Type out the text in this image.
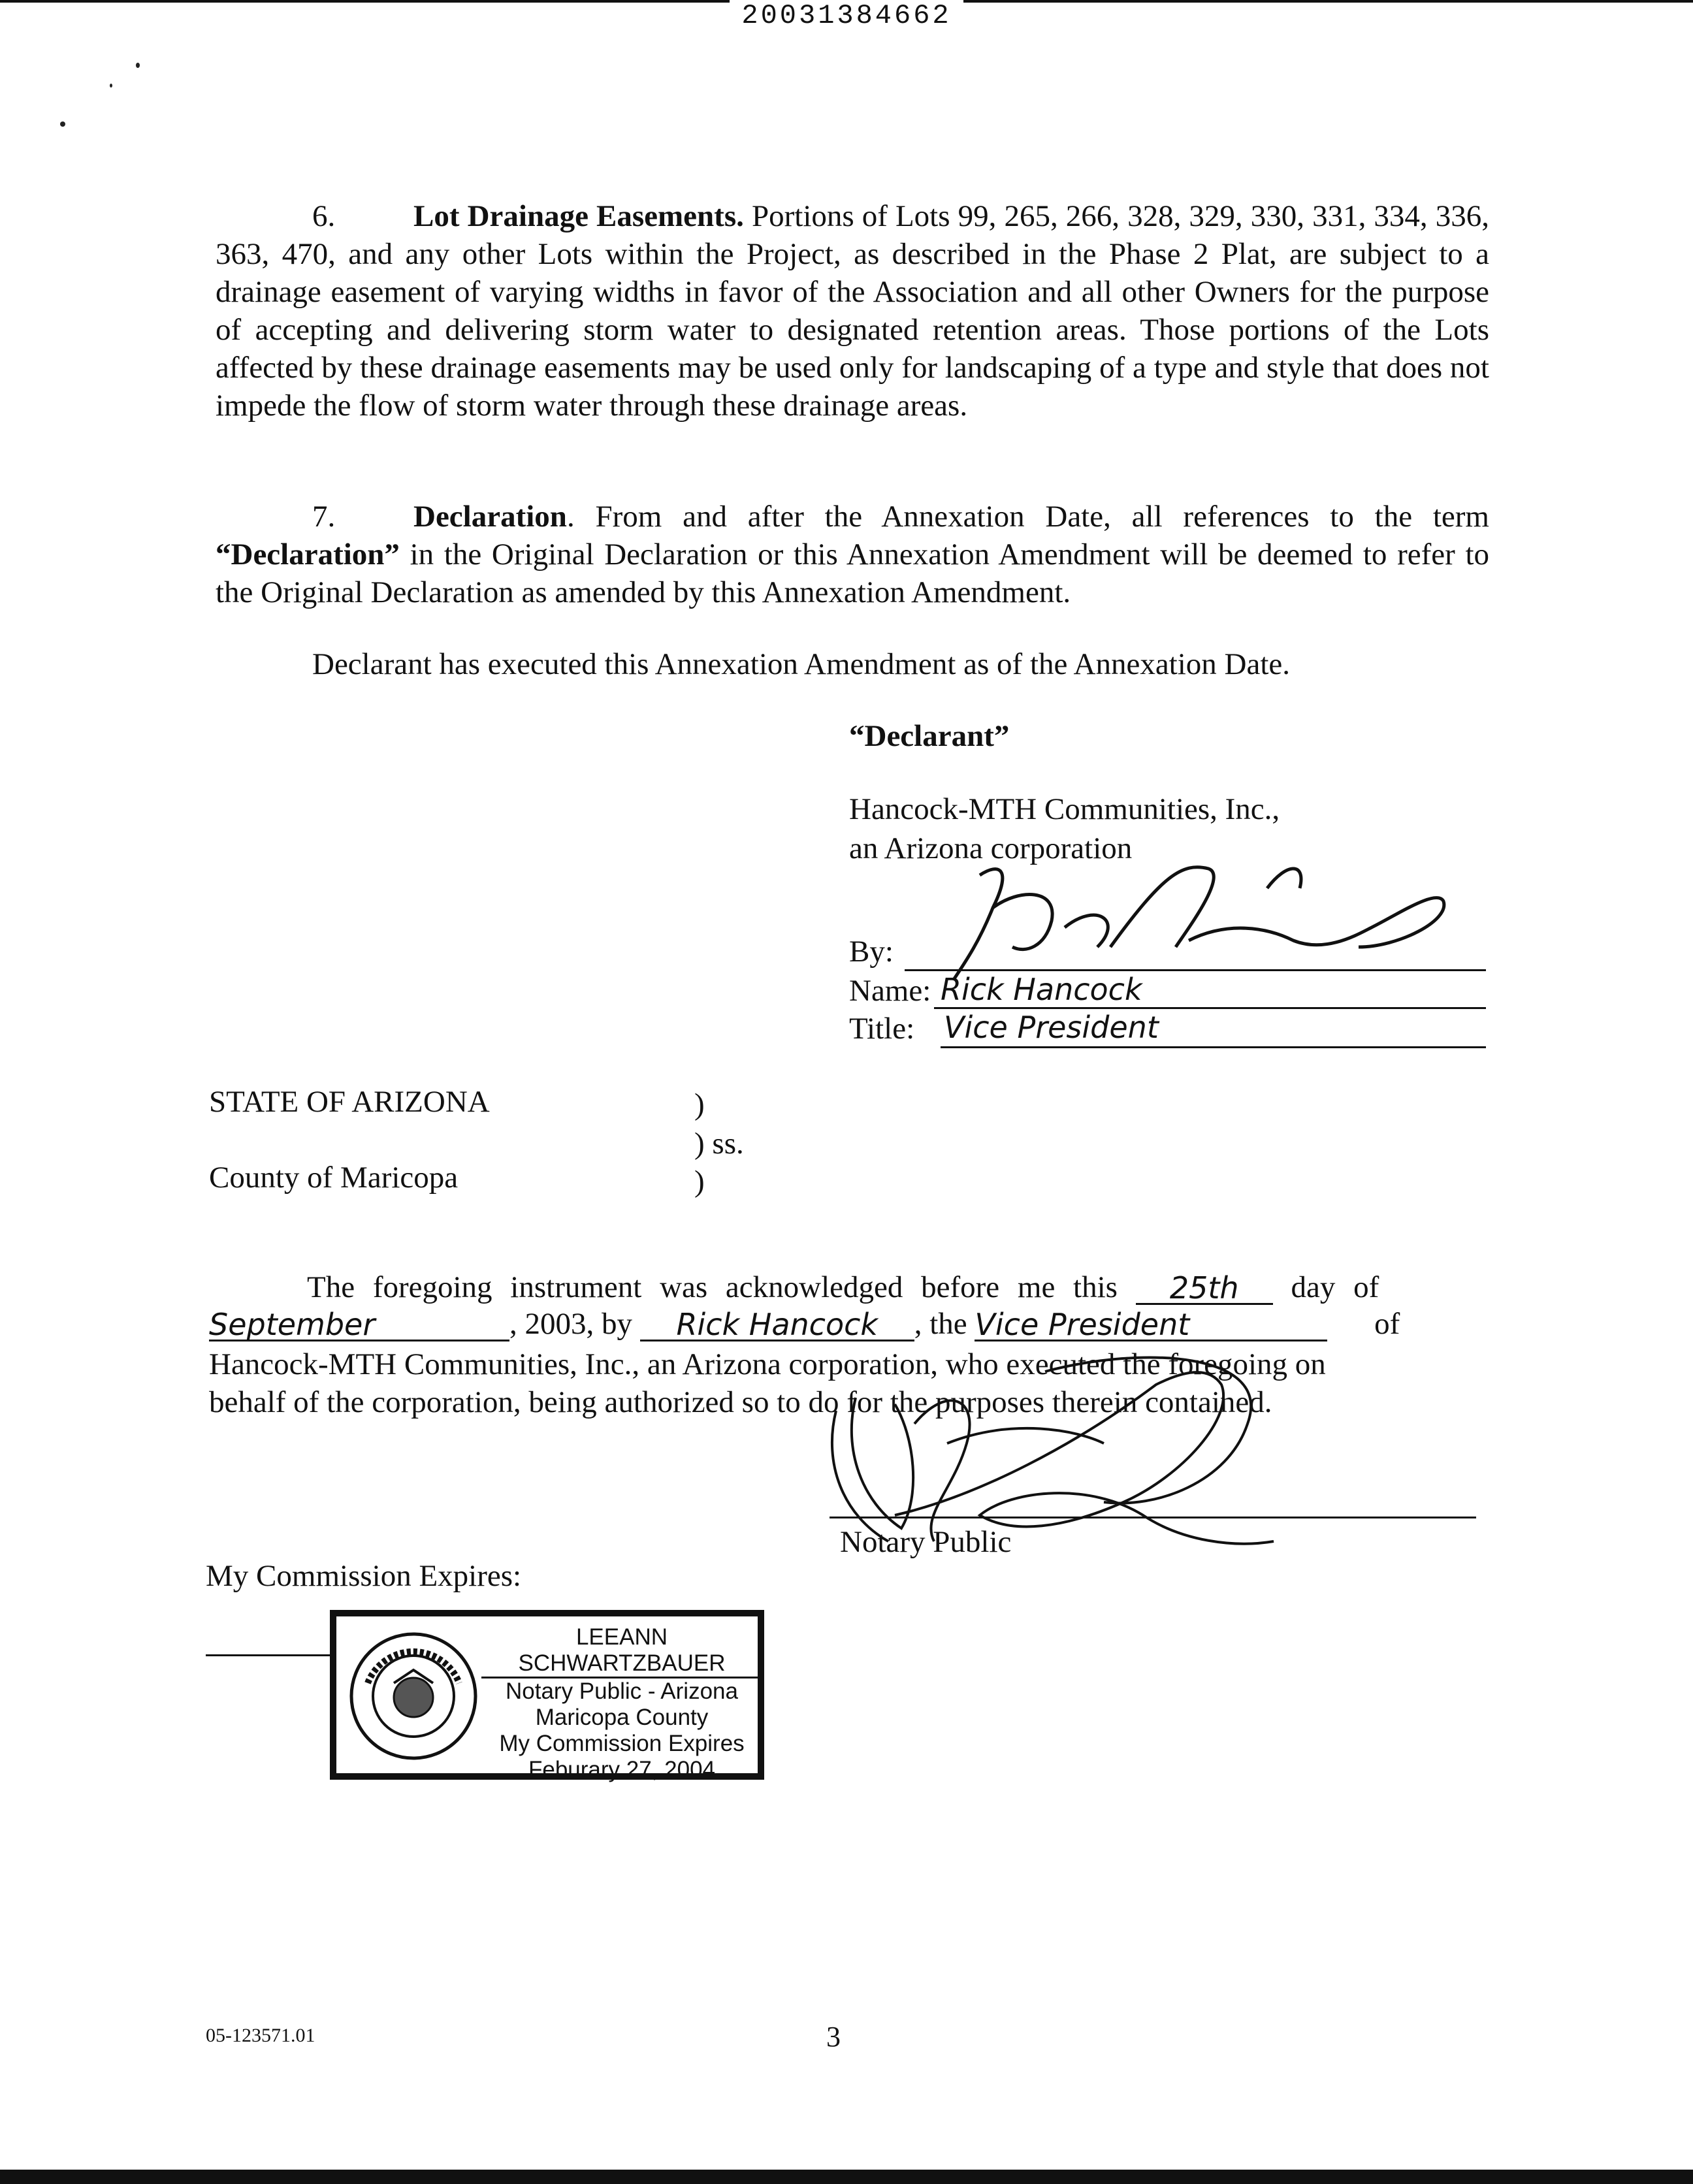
20031384662
6.	Lot Drainage Easements. Portions of Lots 99, 265, 266, 328, 329, 330, 331, 334, 336, 363, 470, and any other Lots within the Project, as described in the Phase 2 Plat, are subject to a drainage easement of varying widths in favor of the Association and all other Owners for the purpose of accepting and delivering storm water to designated retention areas. Those portions of the Lots affected by these drainage easements may be used only for landscaping of a type and style that does not impede the flow of storm water through these drainage areas.
7.	Declaration. From and after the Annexation Date, all references to the term “Declaration” in the Original Declaration or this Annexation Amendment will be deemed to refer to the Original Declaration as amended by this Annexation Amendment.
Declarant has executed this Annexation Amendment as of the Annexation Date.
“Declarant”
Hancock-MTH Communities, Inc.,
an Arizona corporation
By:
Name: Rick Hancock
Title: Vice President
STATE OF ARIZONA
County of Maricopa
)
) ss.
)
The foregoing instrument was acknowledged before me this 25th day of
September	, 2003, by Rick Hancock , the Vice President	of
Hancock-MTH Communities, Inc., an Arizona corporation, who executed the foregoing on
behalf of the corporation, being authorized so to do for the purposes therein contained.
Notary Public
My Commission Expires:
LEEANN SCHWARTZBAUER
Notary Public - Arizona
Maricopa County
My Commission Expires
Feburary 27, 2004
05-123571.01	3
